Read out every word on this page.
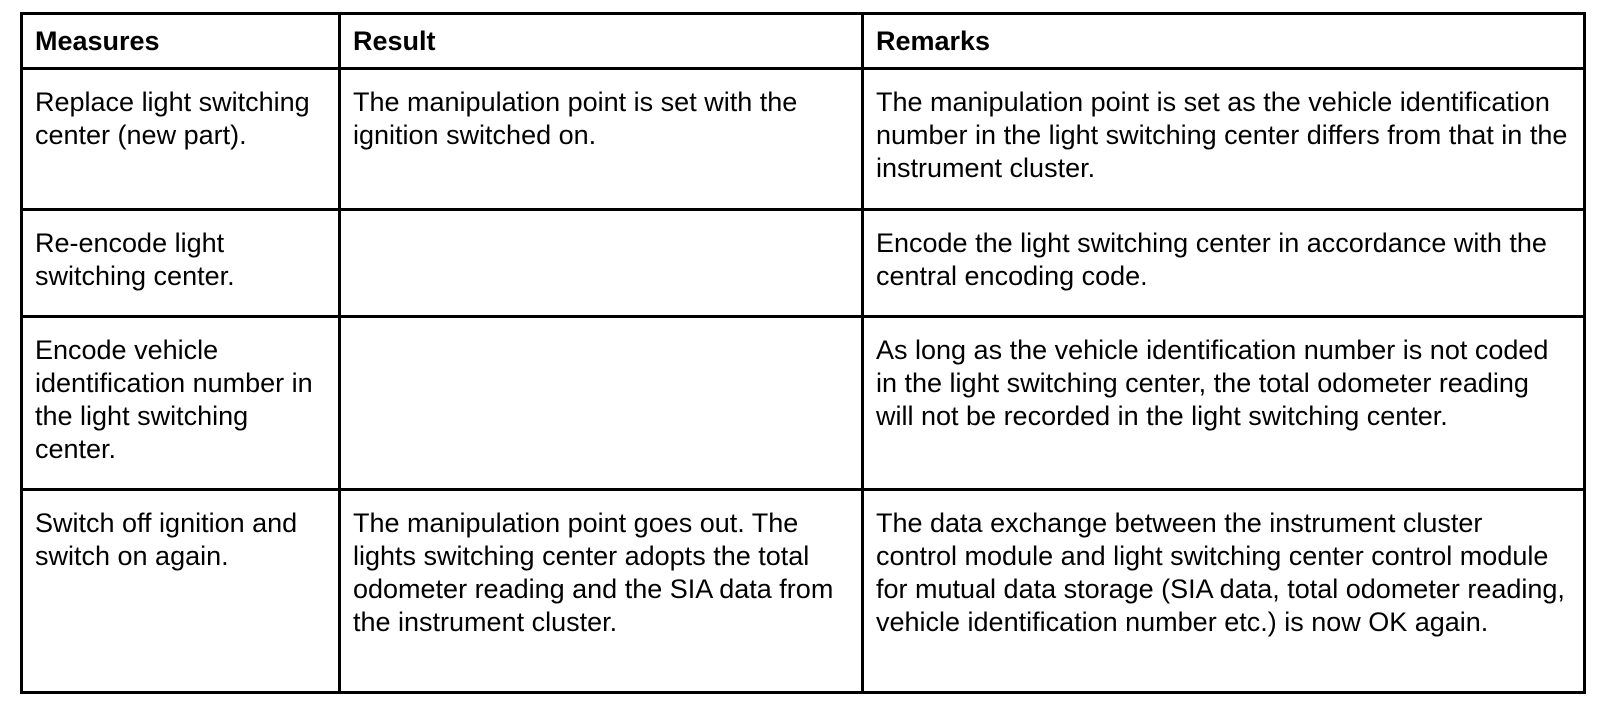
Measures	Result	Remarks
Replace light switching center (new part).	The manipulation point is set with the ignition switched on.	The manipulation point is set as the vehicle identification number in the light switching center differs from that in the instrument cluster.
Re-encode light switching center.		Encode the light switching center in accordance with the central encoding code.
Encode vehicle identification number in the light switching center.		As long as the vehicle identification number is not coded in the light switching center, the total odometer reading will not be recorded in the light switching center.
Switch off ignition and switch on again.	The manipulation point goes out. The lights switching center adopts the total odometer reading and the SIA data from the instrument cluster.	The data exchange between the instrument cluster control module and light switching center control module for mutual data storage (SIA data, total odometer reading, vehicle identification number etc.) is now OK again.
